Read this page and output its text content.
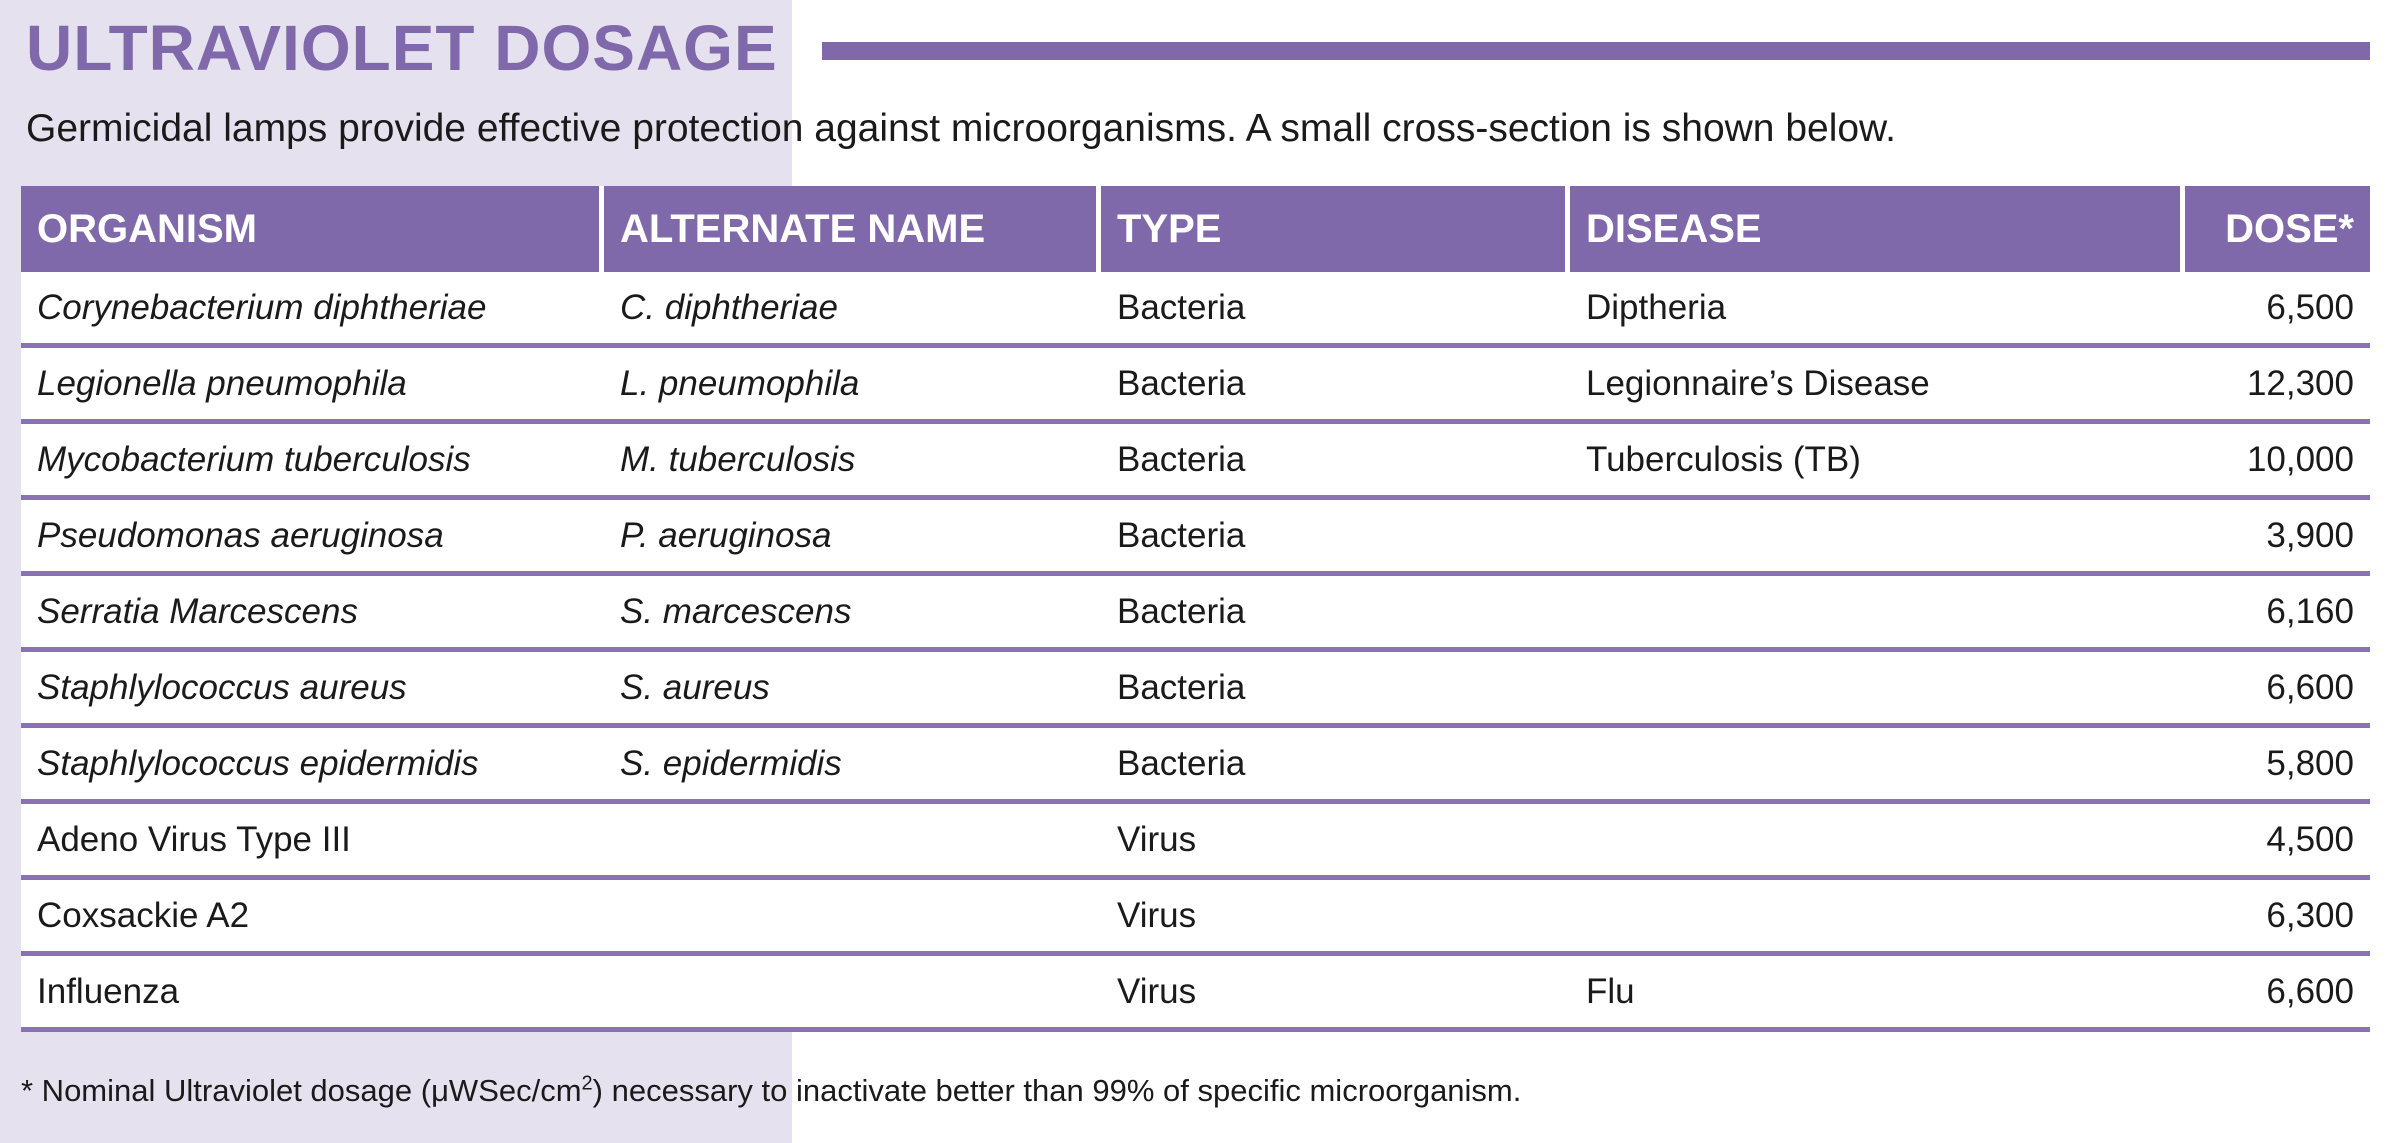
ULTRAVIOLET DOSAGE

Germicidal lamps provide effective protection against microorganisms. A small cross-section is shown below.

ORGANISM	ALTERNATE NAME	TYPE	DISEASE	DOSE*
Corynebacterium diphtheriae	C. diphtheriae	Bacteria	Diptheria	6,500
Legionella pneumophila	L. pneumophila	Bacteria	Legionnaire’s Disease	12,300
Mycobacterium tuberculosis	M. tuberculosis	Bacteria	Tuberculosis (TB)	10,000
Pseudomonas aeruginosa	P. aeruginosa	Bacteria		3,900
Serratia Marcescens	S. marcescens	Bacteria		6,160
Staphlylococcus aureus	S. aureus	Bacteria		6,600
Staphlylococcus epidermidis	S. epidermidis	Bacteria		5,800
Adeno Virus Type III		Virus		4,500
Coxsackie A2		Virus		6,300
Influenza		Virus	Flu	6,600

* Nominal Ultraviolet dosage $(\mu WSec/cm^2)$ necessary to inactivate better than 99% of specific microorganism.
